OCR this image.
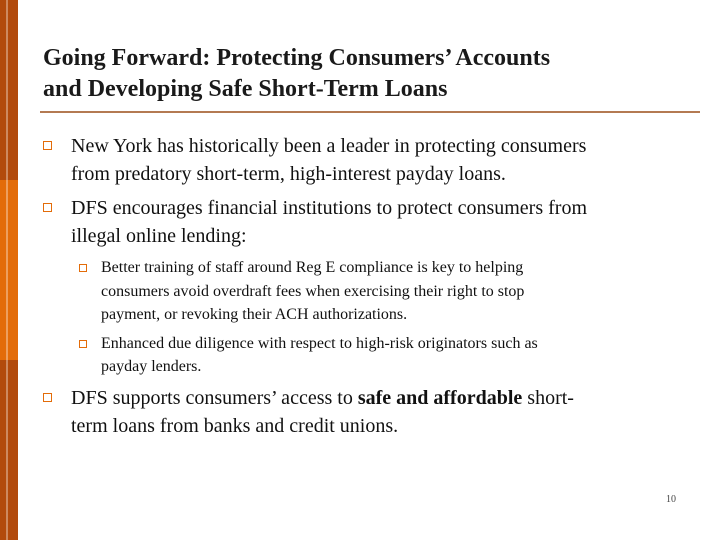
Going Forward: Protecting Consumers’ Accounts
and Developing Safe Short-Term Loans
New York has historically been a leader in protecting consumers
from predatory short-term, high-interest payday loans.
DFS encourages financial institutions to protect consumers from
illegal online lending:
Better training of staff around Reg E compliance is key to helping
consumers avoid overdraft fees when exercising their right to stop
payment, or revoking their ACH authorizations.
Enhanced due diligence with respect to high-risk originators such as
payday lenders.
DFS supports consumers’ access to safe and affordable short-
term loans from banks and credit unions.
10
